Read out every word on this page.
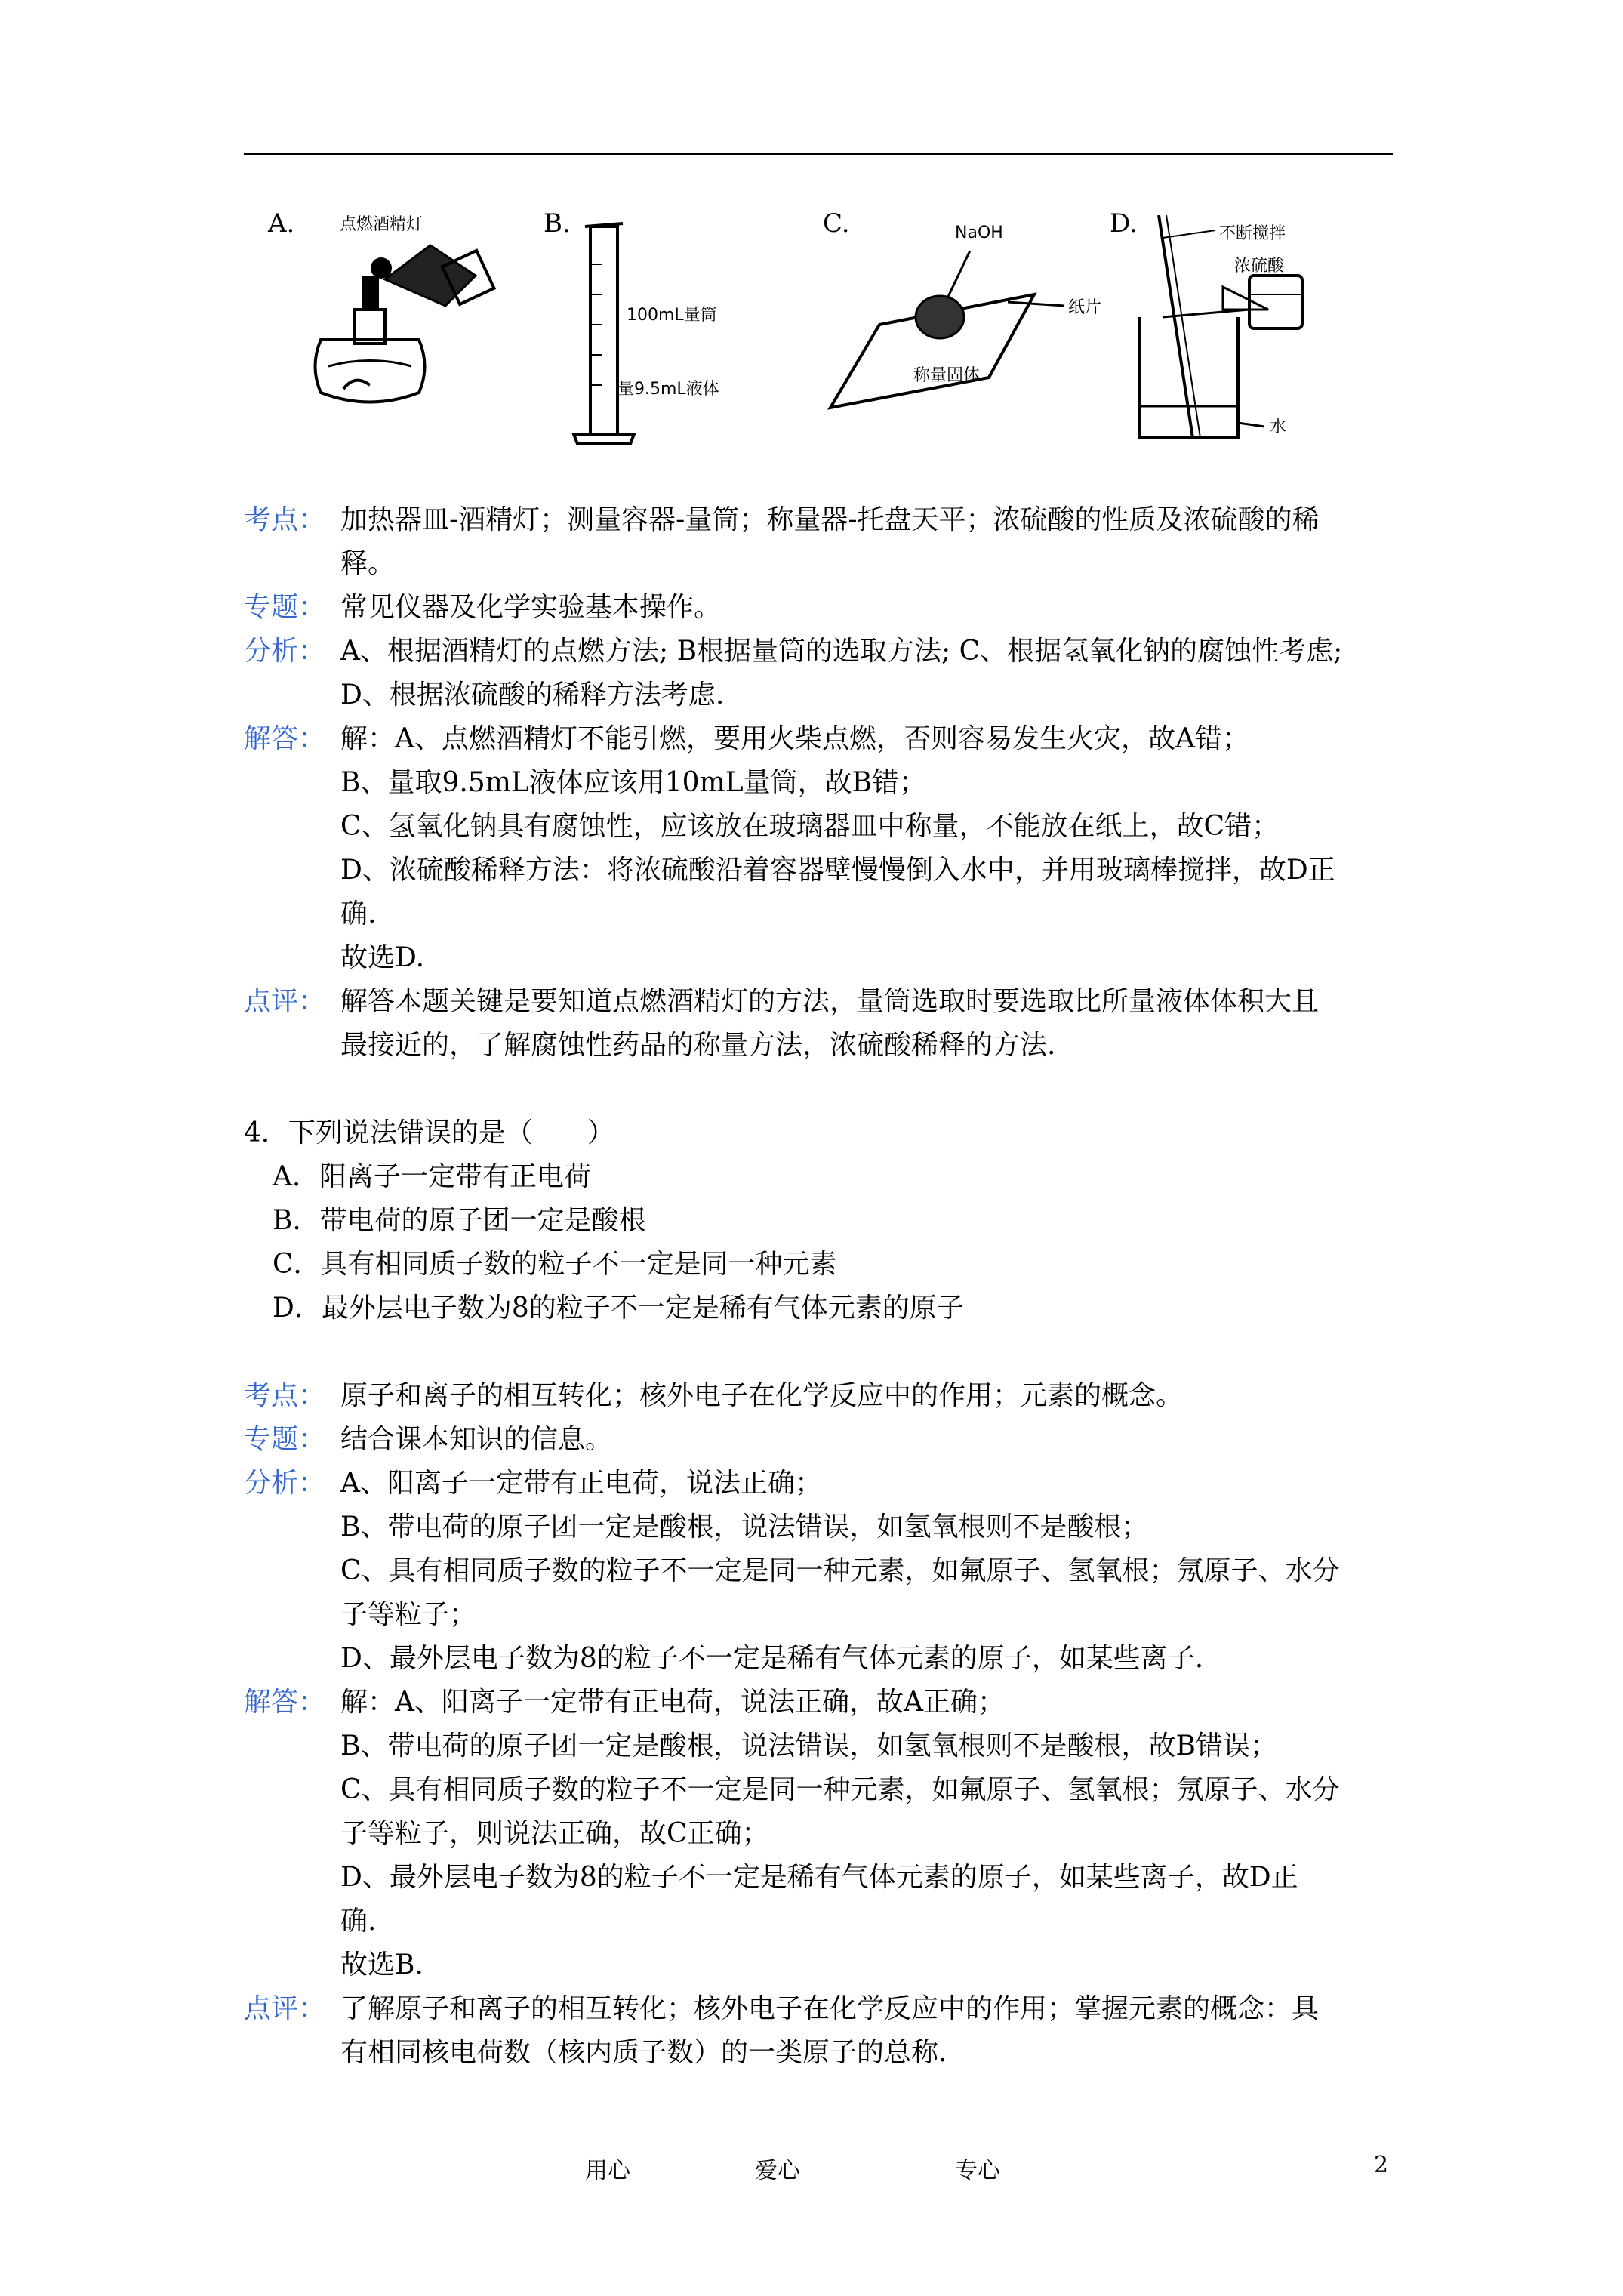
A.	点燃酒精灯	B.
100mL量筒
量9.5mL液体
C.	NaOH
纸片
称量固体
D.	不断搅拌
浓硫酸
水
考点： 加热器皿-酒精灯；测量容器-量筒；称量器-托盘天平；浓硫酸的性质及浓硫酸的稀
释。
专题： 常见仪器及化学实验基本操作。
分析： A、根据酒精灯的点燃方法; B根据量筒的选取方法; C、根据氢氧化钠的腐蚀性考虑;
D、根据浓硫酸的稀释方法考虑.
解答： 解：A、点燃酒精灯不能引燃，要用火柴点燃，否则容易发生火灾，故A错；
B、量取9.5mL液体应该用10mL量筒，故B错；
C、氢氧化钠具有腐蚀性，应该放在玻璃器皿中称量，不能放在纸上，故C错；
D、浓硫酸稀释方法：将浓硫酸沿着容器壁慢慢倒入水中，并用玻璃棒搅拌，故D正
确.
故选D.
点评： 解答本题关键是要知道点燃酒精灯的方法，量筒选取时要选取比所量液体体积大且
最接近的，了解腐蚀性药品的称量方法，浓硫酸稀释的方法.
4．下列说法错误的是（　　）
A．阳离子一定带有正电荷
B．带电荷的原子团一定是酸根
C．具有相同质子数的粒子不一定是同一种元素
D．最外层电子数为8的粒子不一定是稀有气体元素的原子
考点： 原子和离子的相互转化；核外电子在化学反应中的作用；元素的概念。
专题： 结合课本知识的信息。
分析： A、阳离子一定带有正电荷，说法正确；
B、带电荷的原子团一定是酸根，说法错误，如氢氧根则不是酸根；
C、具有相同质子数的粒子不一定是同一种元素，如氟原子、氢氧根；氖原子、水分
子等粒子；
D、最外层电子数为8的粒子不一定是稀有气体元素的原子，如某些离子.
解答： 解：A、阳离子一定带有正电荷，说法正确，故A正确；
B、带电荷的原子团一定是酸根，说法错误，如氢氧根则不是酸根，故B错误；
C、具有相同质子数的粒子不一定是同一种元素，如氟原子、氢氧根；氖原子、水分
子等粒子，则说法正确，故C正确；
D、最外层电子数为8的粒子不一定是稀有气体元素的原子，如某些离子，故D正
确.
故选B.
点评： 了解原子和离子的相互转化；核外电子在化学反应中的作用；掌握元素的概念：具
有相同核电荷数（核内质子数）的一类原子的总称.
用心	爱心	专心	2
